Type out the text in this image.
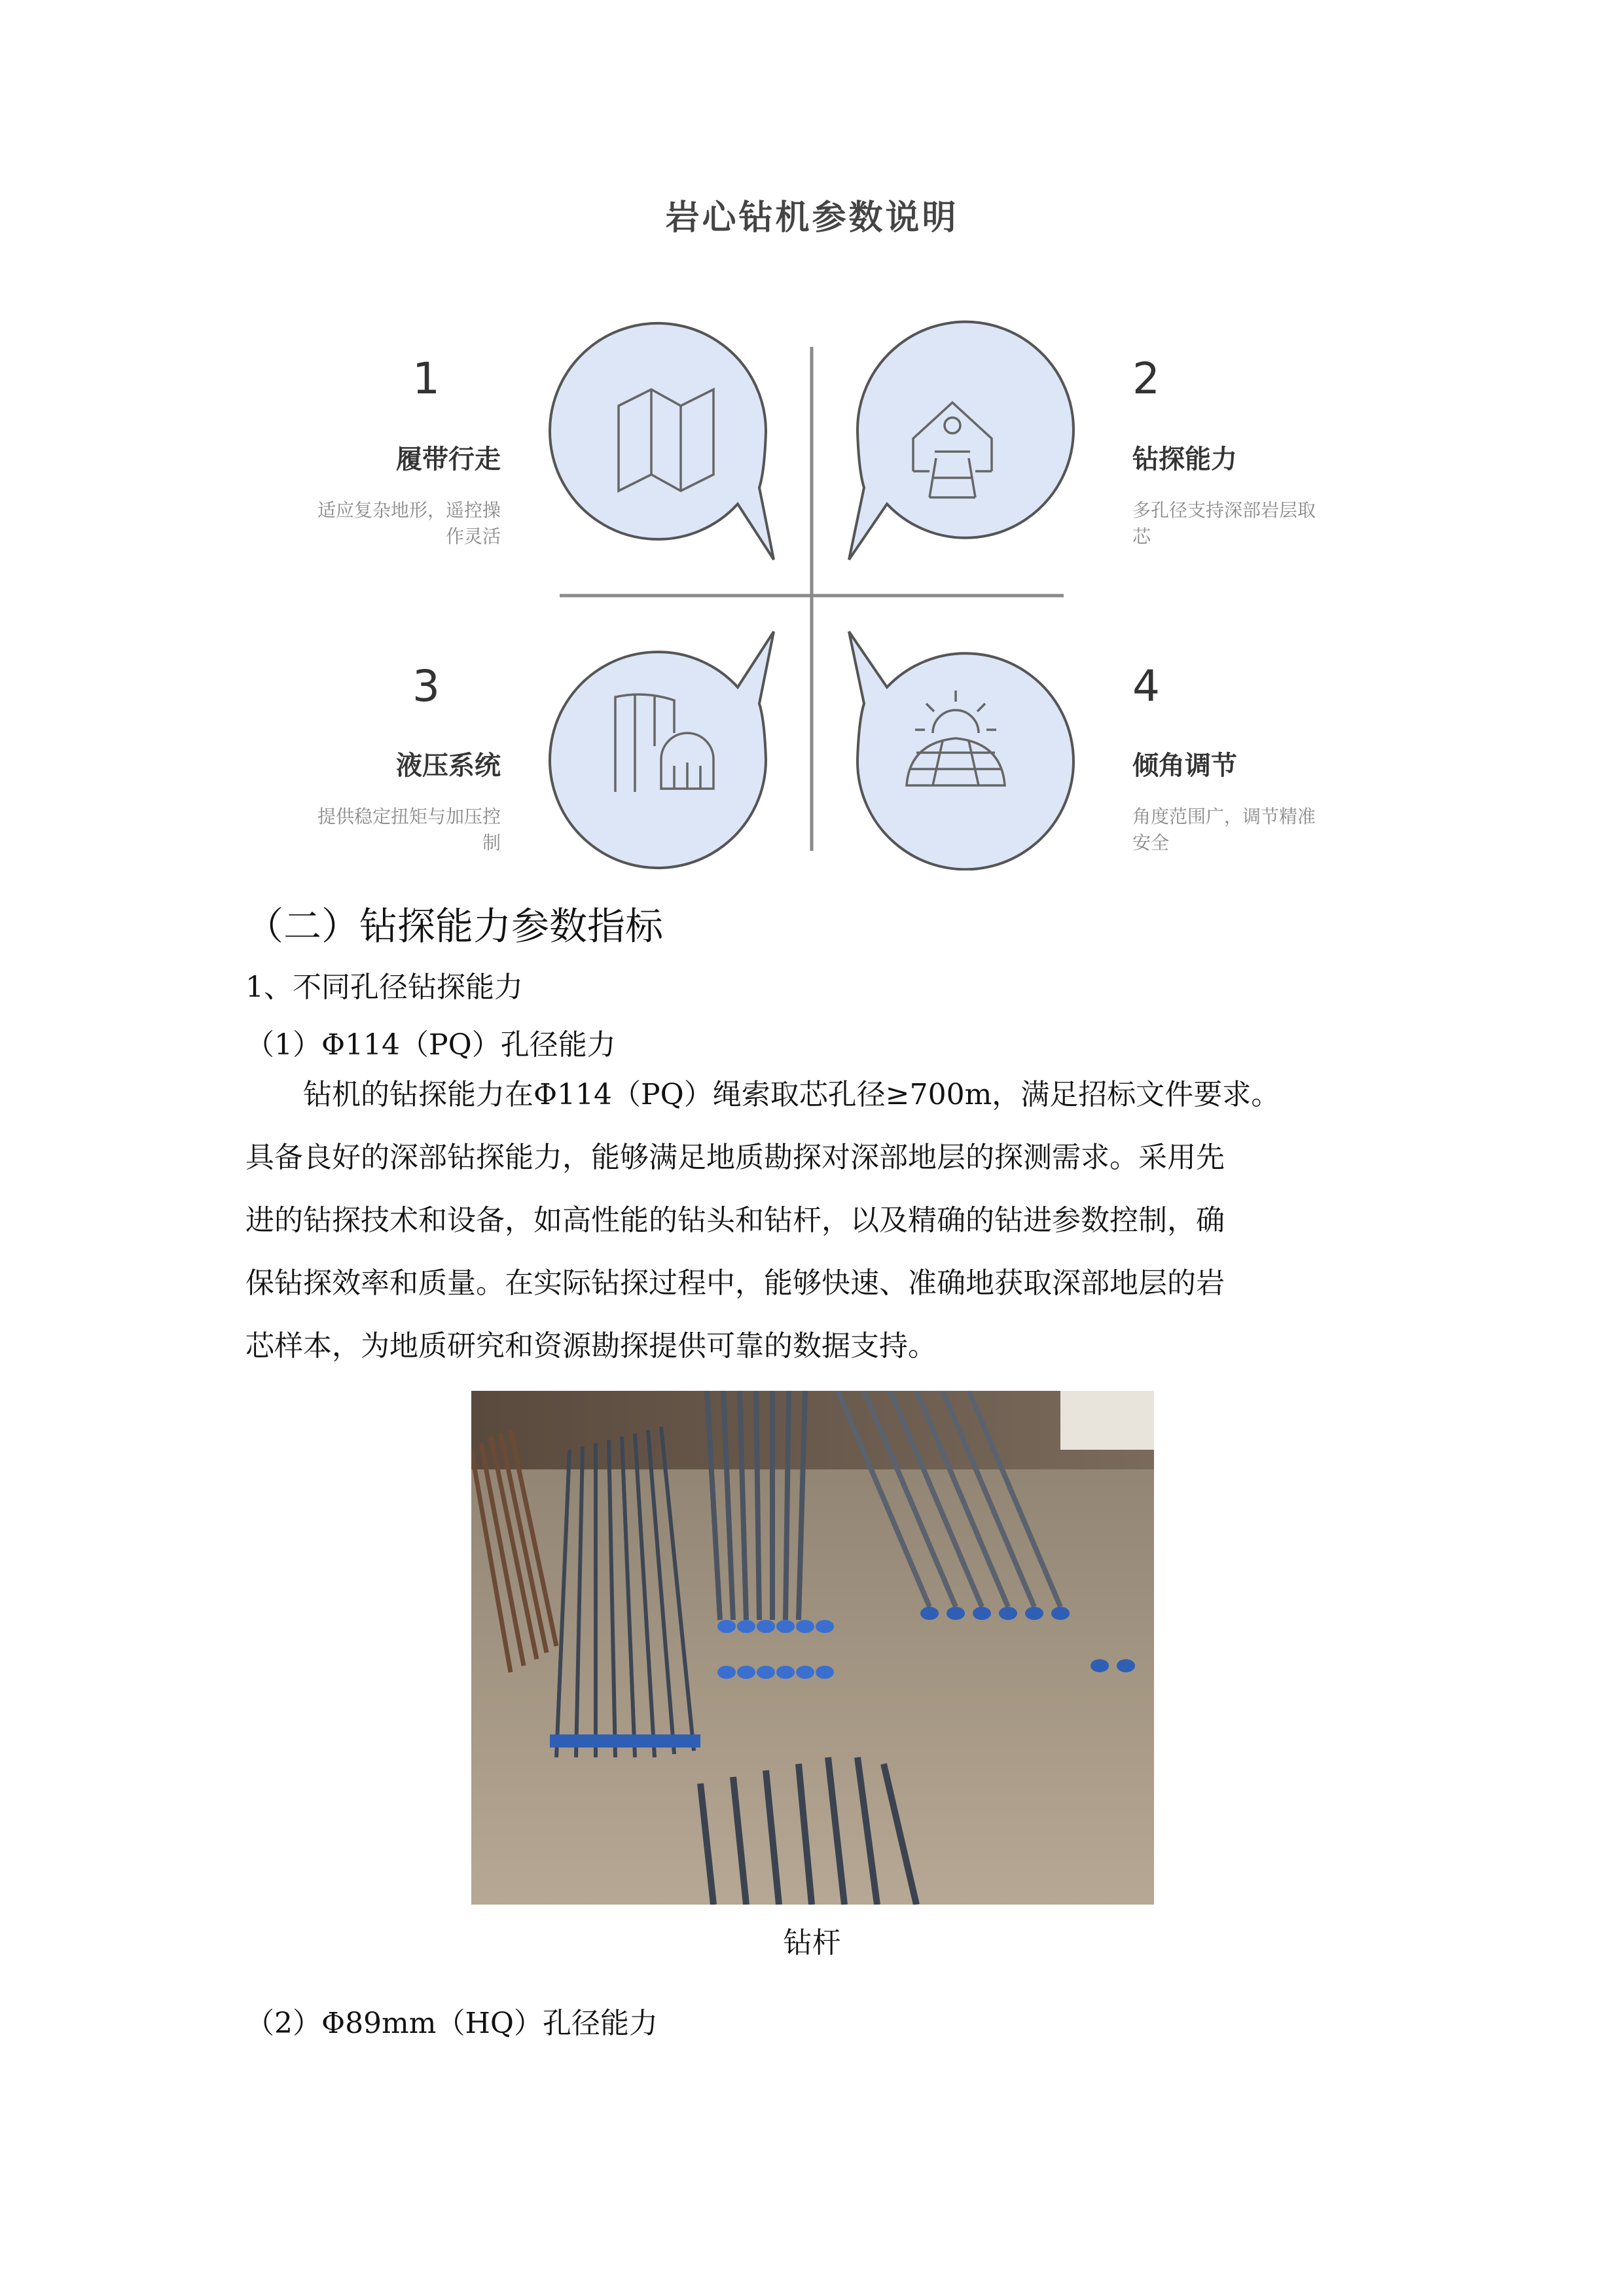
岩心钻机参数说明
1
履带行走
适应复杂地形，遥控操
作灵活
2
钻探能力
多孔径支持深部岩层取
芯
3
液压系统
提供稳定扭矩与加压控
制
4
倾角调节
角度范围广，调节精准
安全
（二）钻探能力参数指标
1、不同孔径钻探能力
（1）Φ114（PQ）孔径能力
钻机的钻探能力在Φ114（PQ）绳索取芯孔径≥700m，满足招标文件要求。
具备良好的深部钻探能力，能够满足地质勘探对深部地层的探测需求。采用先
进的钻探技术和设备，如高性能的钻头和钻杆，以及精确的钻进参数控制，确
保钻探效率和质量。在实际钻探过程中，能够快速、准确地获取深部地层的岩
芯样本，为地质研究和资源勘探提供可靠的数据支持。
钻杆
（2）Φ89mm（HQ）孔径能力
